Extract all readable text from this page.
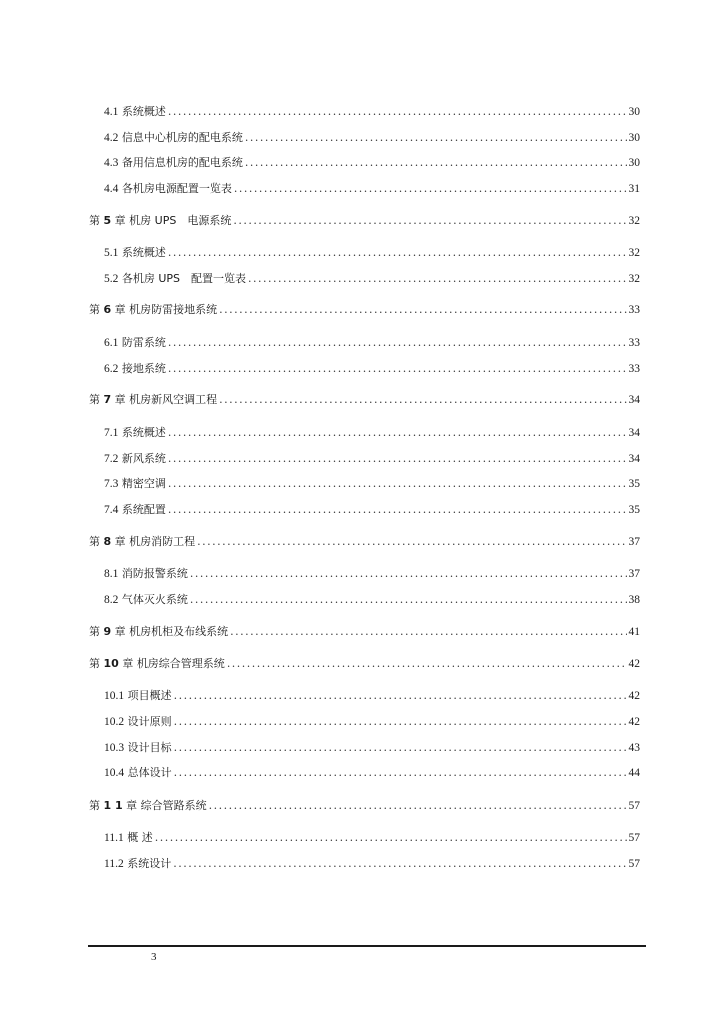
4.1 系统概述 .....	30
4.2 信息中心机房的配电系统 .....	30
4.3 备用信息机房的配电系统 .....	30
4.4 各机房电源配置一览表 .....	31
第 5 章 机房 UPS　电源系统 .....	32
5.1 系统概述 .....	32
5.2 各机房 UPS　配置一览表 .....	32
第 6 章 机房防雷接地系统 .....	33
6.1 防雷系统 .....	33
6.2 接地系统 .....	33
第 7 章 机房新风空调工程 .....	34
7.1 系统概述 .....	34
7.2 新风系统 .....	34
7.3 精密空调 .....	35
7.4 系统配置 .....	35
第 8 章 机房消防工程 .....	37
8.1 消防报警系统 .....	37
8.2 气体灭火系统 .....	38
第 9 章 机房机柜及布线系统 .....	41
第 10 章 机房综合管理系统 .....	42
10.1 项目概述 .....	42
10.2 设计原则 .....	42
10.3 设计目标 .....	43
10.4 总体设计 .....	44
第 1 1 章 综合管路系统 .....	57
11.1 概 述 .....	57
11.2 系统设计 .....	57
3
